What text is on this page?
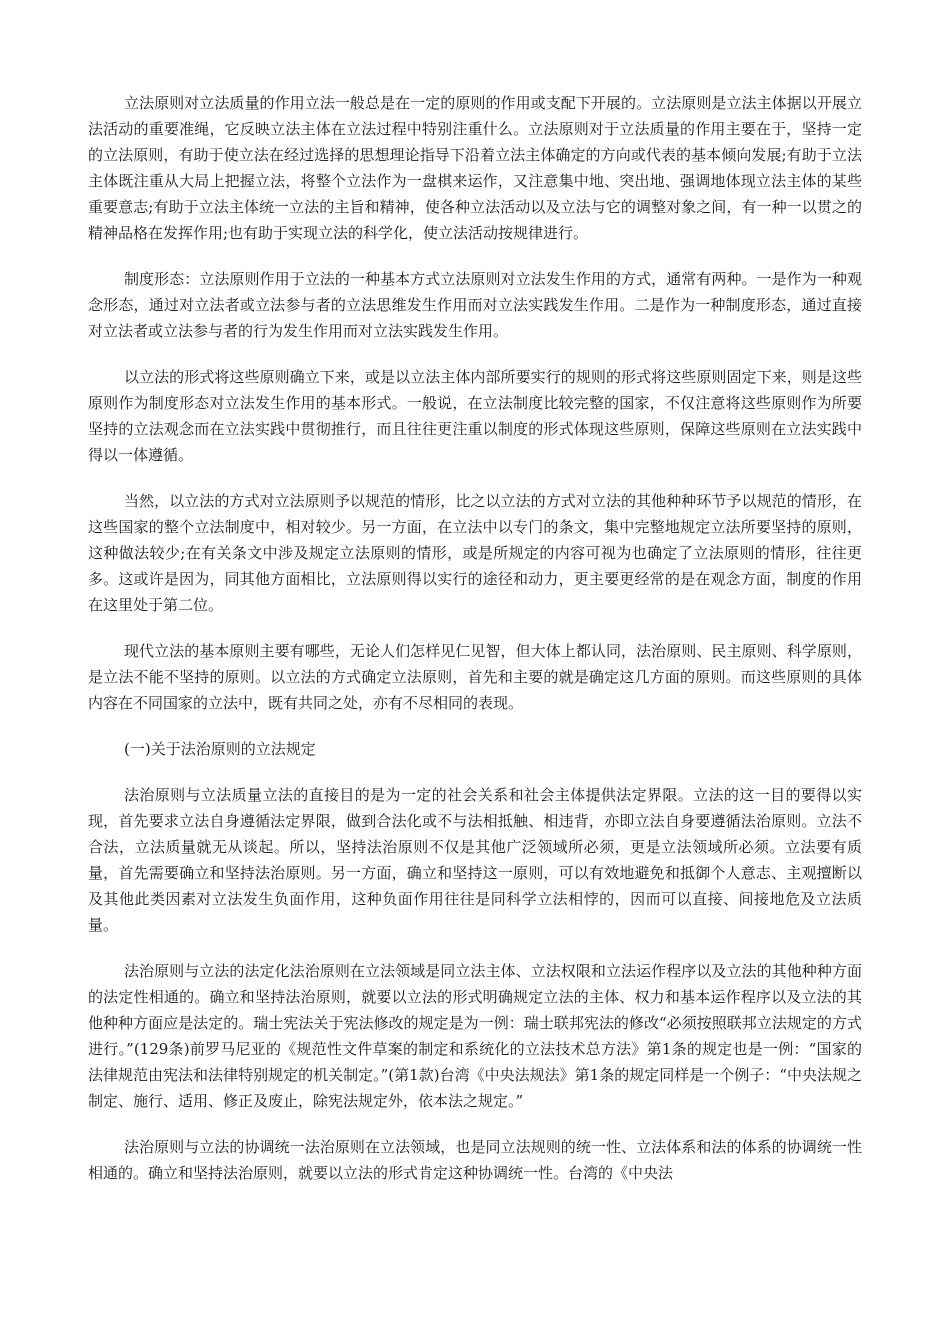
立法原则对立法质量的作用立法一般总是在一定的原则的作用或支配下开展的。立法原则是立法主体据以开展立法活动的重要准绳，它反映立法主体在立法过程中特别注重什么。立法原则对于立法质量的作用主要在于，坚持一定的立法原则，有助于使立法在经过选择的思想理论指导下沿着立法主体确定的方向或代表的基本倾向发展;有助于立法主体既注重从大局上把握立法，将整个立法作为一盘棋来运作，又注意集中地、突出地、强调地体现立法主体的某些重要意志;有助于立法主体统一立法的主旨和精神，使各种立法活动以及立法与它的调整对象之间，有一种一以贯之的精神品格在发挥作用;也有助于实现立法的科学化，使立法活动按规律进行。

制度形态：立法原则作用于立法的一种基本方式立法原则对立法发生作用的方式，通常有两种。一是作为一种观念形态，通过对立法者或立法参与者的立法思维发生作用而对立法实践发生作用。二是作为一种制度形态，通过直接对立法者或立法参与者的行为发生作用而对立法实践发生作用。

以立法的形式将这些原则确立下来，或是以立法主体内部所要实行的规则的形式将这些原则固定下来，则是这些原则作为制度形态对立法发生作用的基本形式。一般说，在立法制度比较完整的国家，不仅注意将这些原则作为所要坚持的立法观念而在立法实践中贯彻推行，而且往往更注重以制度的形式体现这些原则，保障这些原则在立法实践中得以一体遵循。

当然，以立法的方式对立法原则予以规范的情形，比之以立法的方式对立法的其他种种环节予以规范的情形，在这些国家的整个立法制度中，相对较少。另一方面，在立法中以专门的条文，集中完整地规定立法所要坚持的原则，这种做法较少;在有关条文中涉及规定立法原则的情形，或是所规定的内容可视为也确定了立法原则的情形，往往更多。这或许是因为，同其他方面相比，立法原则得以实行的途径和动力，更主要更经常的是在观念方面，制度的作用在这里处于第二位。

现代立法的基本原则主要有哪些，无论人们怎样见仁见智，但大体上都认同，法治原则、民主原则、科学原则，是立法不能不坚持的原则。以立法的方式确定立法原则，首先和主要的就是确定这几方面的原则。而这些原则的具体内容在不同国家的立法中，既有共同之处，亦有不尽相同的表现。

(一)关于法治原则的立法规定

法治原则与立法质量立法的直接目的是为一定的社会关系和社会主体提供法定界限。立法的这一目的要得以实现，首先要求立法自身遵循法定界限，做到合法化或不与法相抵触、相违背，亦即立法自身要遵循法治原则。立法不合法，立法质量就无从谈起。所以，坚持法治原则不仅是其他广泛领域所必须，更是立法领域所必须。立法要有质量，首先需要确立和坚持法治原则。另一方面，确立和坚持这一原则，可以有效地避免和抵御个人意志、主观擅断以及其他此类因素对立法发生负面作用，这种负面作用往往是同科学立法相悖的，因而可以直接、间接地危及立法质量。

法治原则与立法的法定化法治原则在立法领域是同立法主体、立法权限和立法运作程序以及立法的其他种种方面的法定性相通的。确立和坚持法治原则，就要以立法的形式明确规定立法的主体、权力和基本运作程序以及立法的其他种种方面应是法定的。瑞士宪法关于宪法修改的规定是为一例：瑞士联邦宪法的修改“必须按照联邦立法规定的方式进行。”(129条)前罗马尼亚的《规范性文件草案的制定和系统化的立法技术总方法》第1条的规定也是一例：“国家的法律规范由宪法和法律特别规定的机关制定。”(第1款)台湾《中央法规法》第1条的规定同样是一个例子：“中央法规之制定、施行、适用、修正及废止，除宪法规定外，依本法之规定。”

法治原则与立法的协调统一法治原则在立法领域，也是同立法规则的统一性、立法体系和法的体系的协调统一性相通的。确立和坚持法治原则，就要以立法的形式肯定这种协调统一性。台湾的《中央法
